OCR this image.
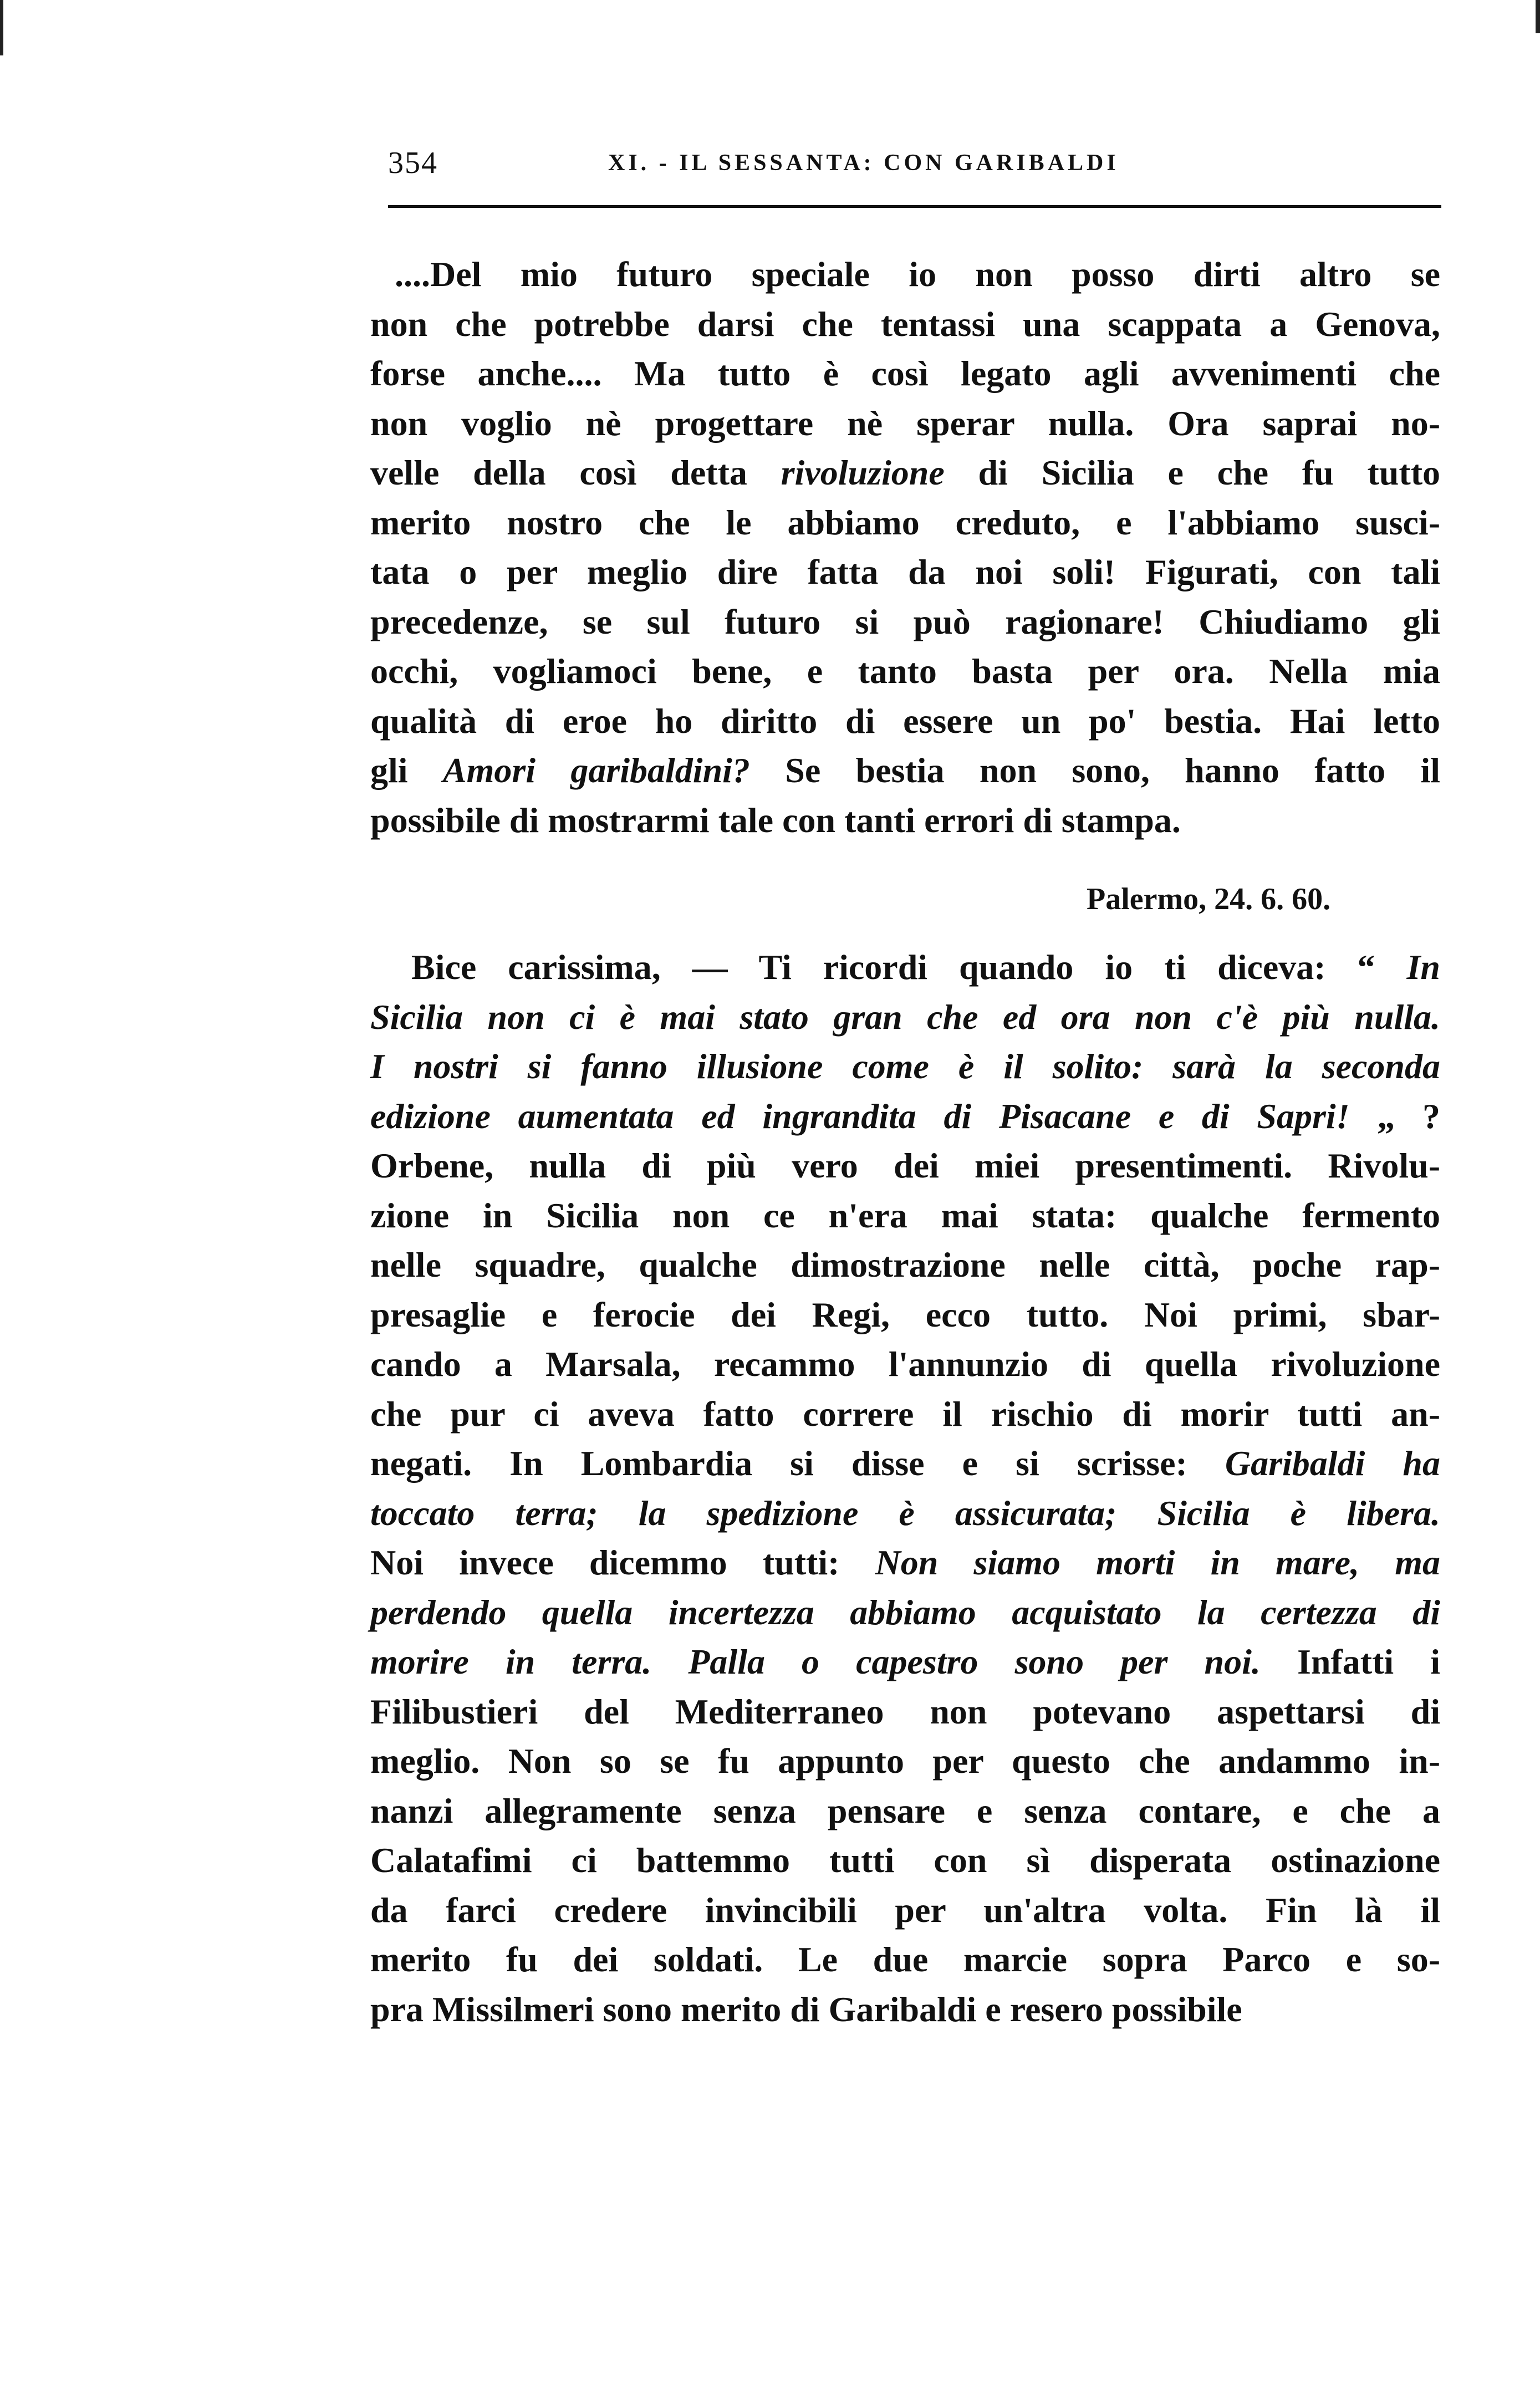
354	XI. - IL SESSANTA: CON GARIBALDI
....Del mio futuro speciale io non posso dirti altro se
non che potrebbe darsi che tentassi una scappata a Genova,
forse anche.... Ma tutto è così legato agli avvenimenti che
non voglio nè progettare nè sperar nulla. Ora saprai no-
velle della così detta rivoluzione di Sicilia e che fu tutto
merito nostro che le abbiamo creduto, e l'abbiamo susci-
tata o per meglio dire fatta da noi soli! Figurati, con tali
precedenze, se sul futuro si può ragionare! Chiudiamo gli
occhi, vogliamoci bene, e tanto basta per ora. Nella mia
qualità di eroe ho diritto di essere un po' bestia. Hai letto
gli Amori garibaldini? Se bestia non sono, hanno fatto il
possibile di mostrarmi tale con tanti errori di stampa.
Palermo, 24. 6. 60.
Bice carissima, — Ti ricordi quando io ti diceva: “ In
Sicilia non ci è mai stato gran che ed ora non c'è più nulla.
I nostri si fanno illusione come è il solito: sarà la seconda
edizione aumentata ed ingrandita di Pisacane e di Sapri! „ ?
Orbene, nulla di più vero dei miei presentimenti. Rivolu-
zione in Sicilia non ce n'era mai stata: qualche fermento
nelle squadre, qualche dimostrazione nelle città, poche rap-
presaglie e ferocie dei Regi, ecco tutto. Noi primi, sbar-
cando a Marsala, recammo l'annunzio di quella rivoluzione
che pur ci aveva fatto correre il rischio di morir tutti an-
negati. In Lombardia si disse e si scrisse: Garibaldi ha
toccato terra; la spedizione è assicurata; Sicilia è libera.
Noi invece dicemmo tutti: Non siamo morti in mare, ma
perdendo quella incertezza abbiamo acquistato la certezza di
morire in terra. Palla o capestro sono per noi. Infatti i
Filibustieri del Mediterraneo non potevano aspettarsi di
meglio. Non so se fu appunto per questo che andammo in-
nanzi allegramente senza pensare e senza contare, e che a
Calatafimi ci battemmo tutti con sì disperata ostinazione
da farci credere invincibili per un'altra volta. Fin là il
merito fu dei soldati. Le due marcie sopra Parco e so-
pra Missilmeri sono merito di Garibaldi e resero possibile
